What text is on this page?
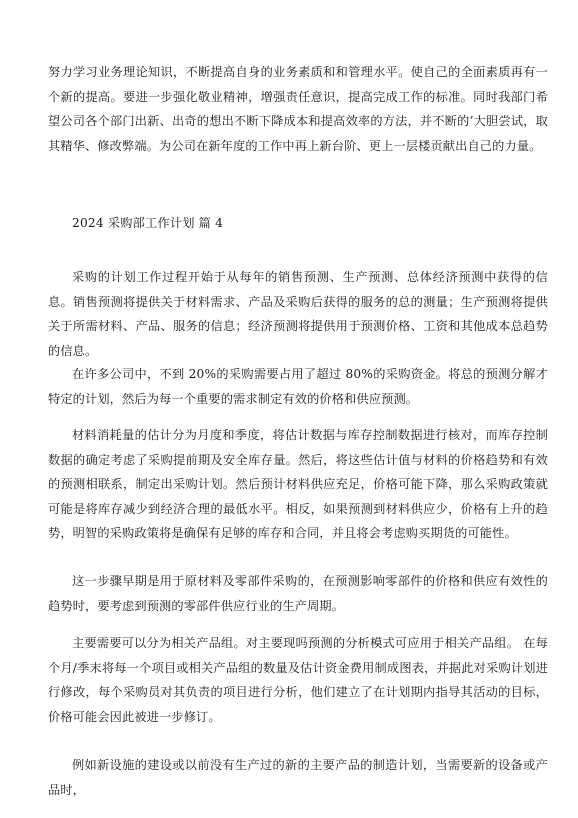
努力学习业务理论知识，不断提高自身的业务素质和和管理水平。使自己的全面素质再有一个新的提高。要进一步强化敬业精神，增强责任意识，提高完成工作的标准。同时我部门希望公司各个部门出新、出奇的想出不断下降成本和提高效率的方法，并不断的’大胆尝试，取其精华、修改弊端。为公司在新年度的工作中再上新台阶、更上一层楼贡献出自己的力量。

2024 采购部工作计划 篇 4

采购的计划工作过程开始于从每年的销售预测、生产预测、总体经济预测中获得的信息。销售预测将提供关于材料需求、产品及采购后获得的服务的总的测量；生产预测将提供关于所需材料、产品、服务的信息；经济预测将提供用于预测价格、工资和其他成本总趋势的信息。

在许多公司中，不到 20%的采购需要占用了超过 80%的采购资金。将总的预测分解才特定的计划，然后为每一个重要的需求制定有效的价格和供应预测。

材料消耗量的估计分为月度和季度，将估计数据与库存控制数据进行核对，而库存控制数据的确定考虑了采购提前期及安全库存量。然后，将这些估计值与材料的价格趋势和有效的预测相联系，制定出采购计划。然后预计材料供应充足，价格可能下降，那么采购政策就可能是将库存减少到经济合理的最低水平。相反，如果预测到材料供应少，价格有上升的趋势，明智的采购政策将是确保有足够的库存和合同，并且将会考虑购买期货的可能性。

这一步骤早期是用于原材料及零部件采购的，在预测影响零部件的价格和供应有效性的趋势时，要考虑到预测的零部件供应行业的生产周期。

主要需要可以分为相关产品组。对主要现吗预测的分析模式可应用于相关产品组。 在每个月/季末将每一个项目或相关产品组的数量及估计资金费用制成图表，并据此对采购计划进行修改，每个采购员对其负责的项目进行分析，他们建立了在计划期内指导其活动的目标，价格可能会因此被进一步修订。

例如新设施的建设或以前没有生产过的新的主要产品的制造计划，当需要新的设备或产品时，
